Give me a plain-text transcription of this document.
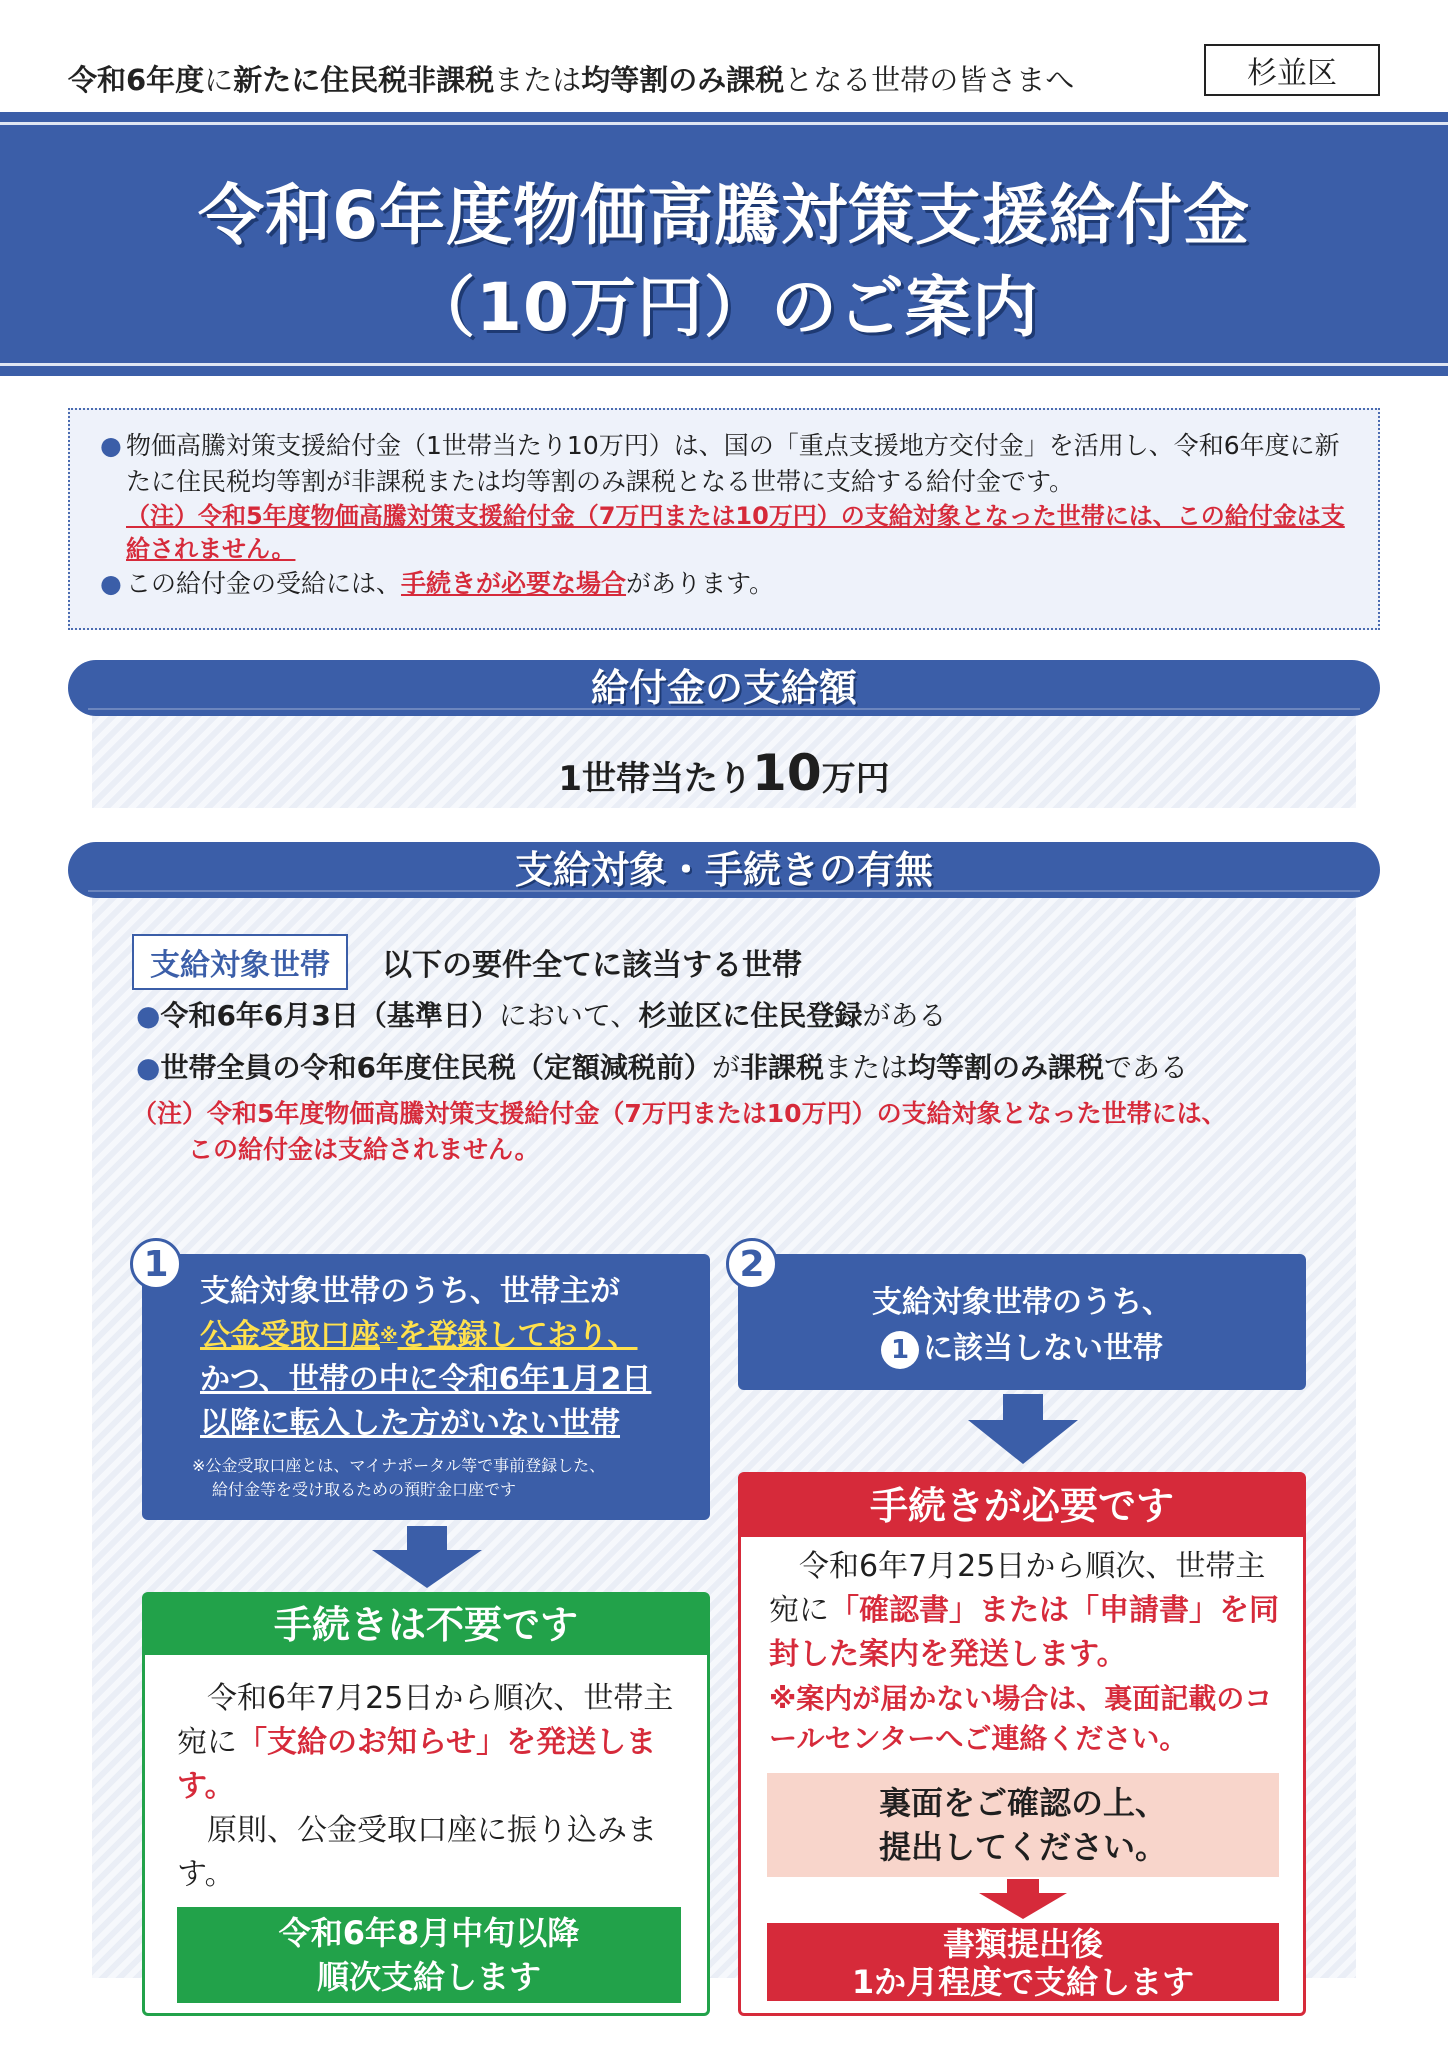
令和6年度に新たに住民税非課税または均等割のみ課税となる世帯の皆さまへ	杉並区
令和6年度物価高騰対策支援給付金
（10万円）のご案内
● 物価高騰対策支援給付金（1世帯当たり10万円）は、国の「重点支援地方交付金」を活用し、令和6年度に新たに住民税均等割が非課税または均等割のみ課税となる世帯に支給する給付金です。
（注）令和5年度物価高騰対策支援給付金（7万円または10万円）の支給対象となった世帯には、この給付金は支給されません。
● この給付金の受給には、手続きが必要な場合があります。
給付金の支給額
1世帯当たり10万円
支給対象・手続きの有無
支給対象世帯	以下の要件全てに該当する世帯
●令和6年6月3日（基準日）において、杉並区に住民登録がある
●世帯全員の令和6年度住民税（定額減税前）が非課税または均等割のみ課税である
（注）令和5年度物価高騰対策支援給付金（7万円または10万円）の支給対象となった世帯には、
この給付金は支給されません。
支給対象世帯のうち、世帯主が
公金受取口座※を登録しており、
かつ、世帯の中に令和6年1月2日
以降に転入した方がいない世帯
※公金受取口座とは、マイナポータル等で事前登録した、
給付金等を受け取るための預貯金口座です
1
支給対象世帯のうち、
1 に該当しない世帯
2
手続きは不要です
令和6年7月25日から順次、世帯主宛に「支給のお知らせ」を発送します。
原則、公金受取口座に振り込みます。
令和6年8月中旬以降
順次支給します
手続きが必要です
令和6年7月25日から順次、世帯主宛に「確認書」または「申請書」を同封した案内を発送します。
※案内が届かない場合は、裏面記載のコールセンターへご連絡ください。
裏面をご確認の上、
提出してください。
書類提出後
1か月程度で支給します
